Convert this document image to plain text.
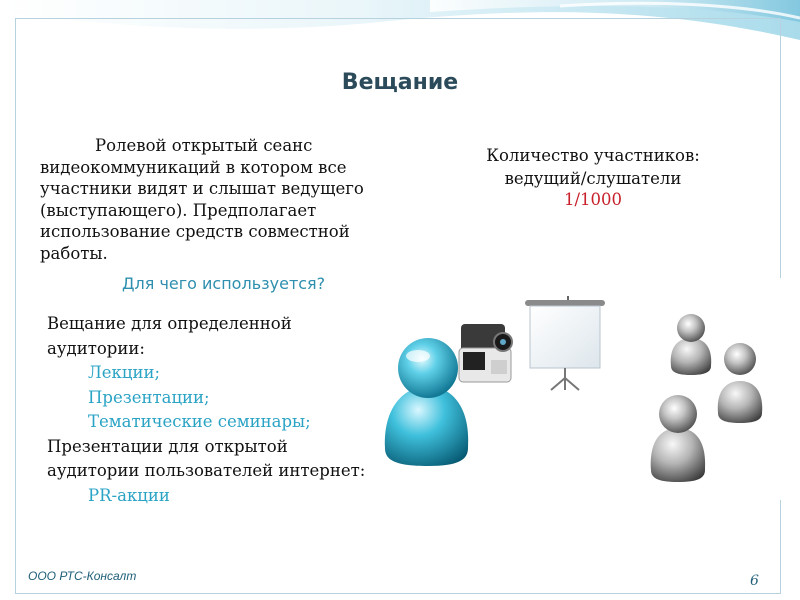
Вещание
Ролевой открытый сеанс видеокоммуникаций в котором все участники видят и слышат ведущего (выступающего). Предполагает использование средств совместной работы.
Количество участников: ведущий/слушатели
1/1000
Для чего используется?
Вещание для определенной аудитории:
Лекции;
Презентации;
Тематические семинары;
Презентации для открытой аудитории пользователей интернет:
PR-акции
ООО РТС-Консалт	6
